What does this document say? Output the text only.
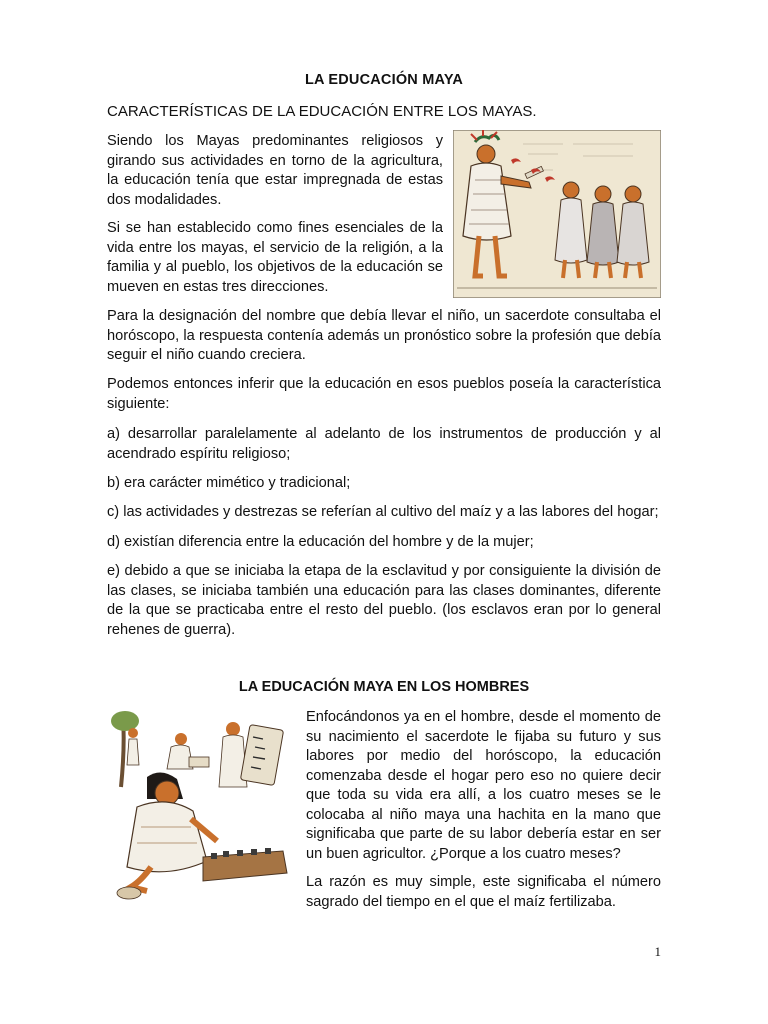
LA EDUCACIÓN MAYA
CARACTERÍSTICAS DE LA EDUCACIÓN ENTRE LOS MAYAS.

Siendo los Mayas predominantes religiosos y girando sus actividades en torno de la agricultura, la educación tenía que estar impregnada de estas dos modalidades.

Si se han establecido como fines esenciales de la vida entre los mayas, el servicio de la religión, a la familia y al pueblo, los objetivos de la educación se mueven en estas tres direcciones.

Para la designación del nombre que debía llevar el niño, un sacerdote consultaba el horóscopo, la respuesta contenía además un pronóstico sobre la profesión que debía seguir el niño cuando creciera.

Podemos entonces inferir que la educación en esos pueblos poseía la característica siguiente:

a) desarrollar paralelamente al adelanto de los instrumentos de producción y al acendrado espíritu religioso;

b) era carácter mimético y tradicional;

c) las actividades y destrezas se referían al cultivo del maíz y a las labores del hogar;

d) existían diferencia entre la educación del hombre y de la mujer;

e) debido a que se iniciaba la etapa de la esclavitud y por consiguiente la división de las clases, se iniciaba también una educación para las clases dominantes, diferente de la que se practicaba entre el resto del pueblo. (los esclavos eran por lo general rehenes de guerra).

LA EDUCACIÓN MAYA EN LOS HOMBRES

Enfocándonos ya en el hombre, desde el momento de su nacimiento el sacerdote le fijaba su futuro y sus labores por medio del horóscopo, la educación comenzaba desde el hogar pero eso no quiere decir que toda su vida era allí, a los cuatro meses se le colocaba al niño maya una hachita en la mano que significaba que parte de su labor debería estar en ser un buen agricultor. ¿Porque a los cuatro meses?

La razón es muy simple, este significaba el número sagrado del tiempo en el que el maíz fertilizaba.

1
